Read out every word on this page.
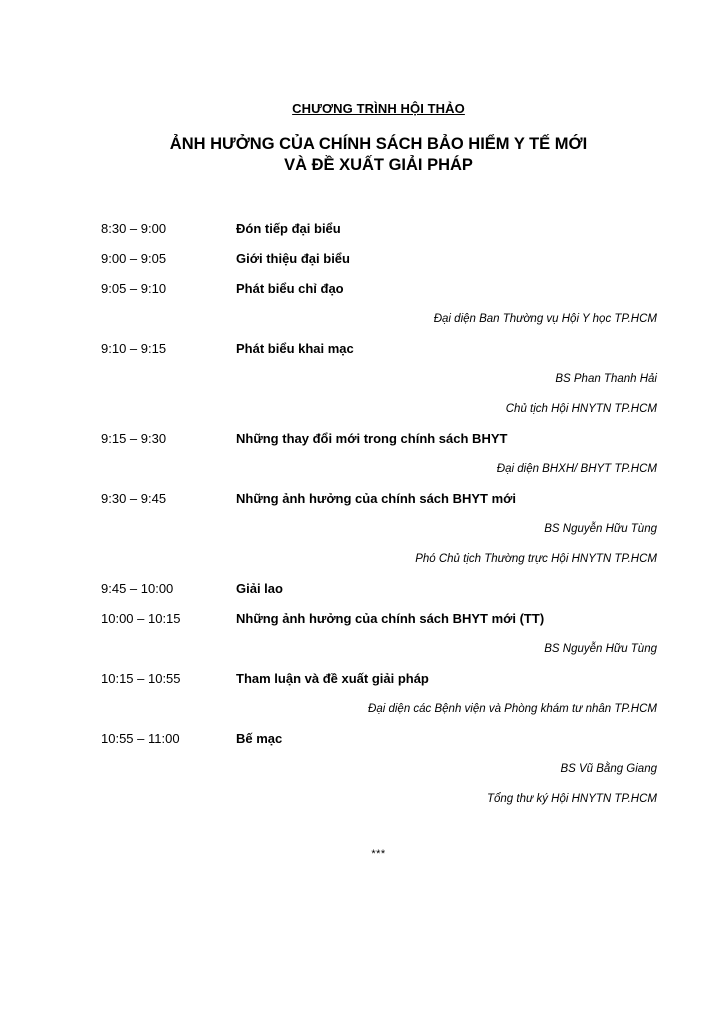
CHƯƠNG TRÌNH HỘI THẢO
ẢNH HƯỞNG CỦA CHÍNH SÁCH BẢO HIỂM Y TẾ MỚI
VÀ ĐỀ XUẤT GIẢI PHÁP
8:30 – 9:00	Đón tiếp đại biểu
9:00 – 9:05	Giới thiệu đại biểu
9:05 – 9:10	Phát biểu chỉ đạo
Đại diện Ban Thường vụ Hội Y học TP.HCM
9:10 – 9:15	Phát biểu khai mạc
BS Phan Thanh Hải
Chủ tịch Hội HNYTN TP.HCM
9:15 – 9:30	Những thay đổi mới trong chính sách BHYT
Đại diện BHXH/ BHYT TP.HCM
9:30 – 9:45	Những ảnh hưởng của chính sách BHYT mới
BS Nguyễn Hữu Tùng
Phó Chủ tịch Thường trực Hội HNYTN TP.HCM
9:45 – 10:00	Giải lao
10:00 – 10:15	Những ảnh hưởng của chính sách BHYT mới (TT)
BS Nguyễn Hữu Tùng
10:15 – 10:55	Tham luận và đề xuất giải pháp
Đại diện các Bệnh viện và Phòng khám tư nhân TP.HCM
10:55 – 11:00	Bế mạc
BS Vũ Bằng Giang
Tổng thư ký Hội HNYTN TP.HCM
***
